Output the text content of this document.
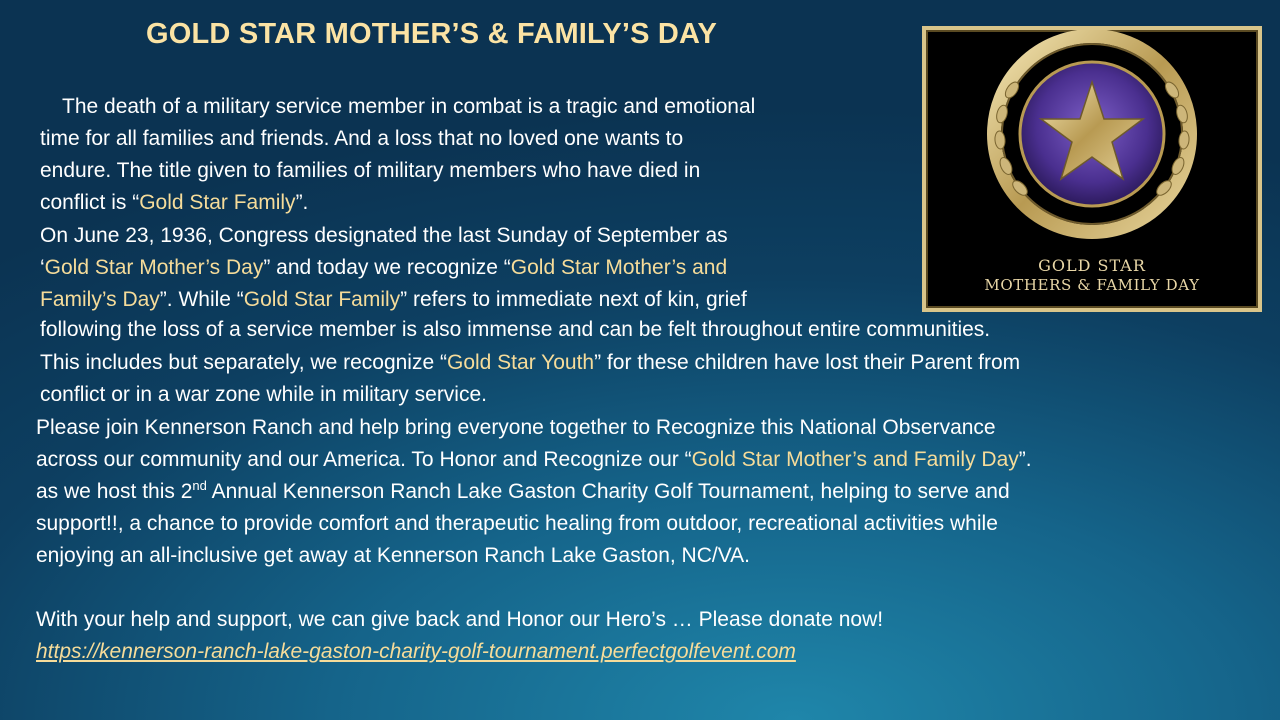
GOLD STAR MOTHER’S & FAMILY’S DAY
GOLD STAR
MOTHERS & FAMILY DAY
The death of a military service member in combat is a tragic and emotional
time for all families and friends. And a loss that no loved one wants to
endure. The title given to families of military members who have died in
conflict is “Gold Star Family”.
On June 23, 1936, Congress designated the last Sunday of September as
‘Gold Star Mother’s Day” and today we recognize “Gold Star Mother’s and
Family’s Day”. While “Gold Star Family” refers to immediate next of kin, grief
following the loss of a service member is also immense and can be felt throughout entire communities.
This includes but separately, we recognize “Gold Star Youth” for these children have lost their Parent from
conflict or in a war zone while in military service.
Please join Kennerson Ranch and help bring everyone together to Recognize this National Observance
across our community and our America. To Honor and Recognize our “Gold Star Mother’s and Family Day”.
as we host this 2nd Annual Kennerson Ranch Lake Gaston Charity Golf Tournament, helping to serve and
support!!, a chance to provide comfort and therapeutic healing from outdoor, recreational activities while
enjoying an all-inclusive get away at Kennerson Ranch Lake Gaston, NC/VA.
With your help and support, we can give back and Honor our Hero’s … Please donate now!
https://kennerson-ranch-lake-gaston-charity-golf-tournament.perfectgolfevent.com
